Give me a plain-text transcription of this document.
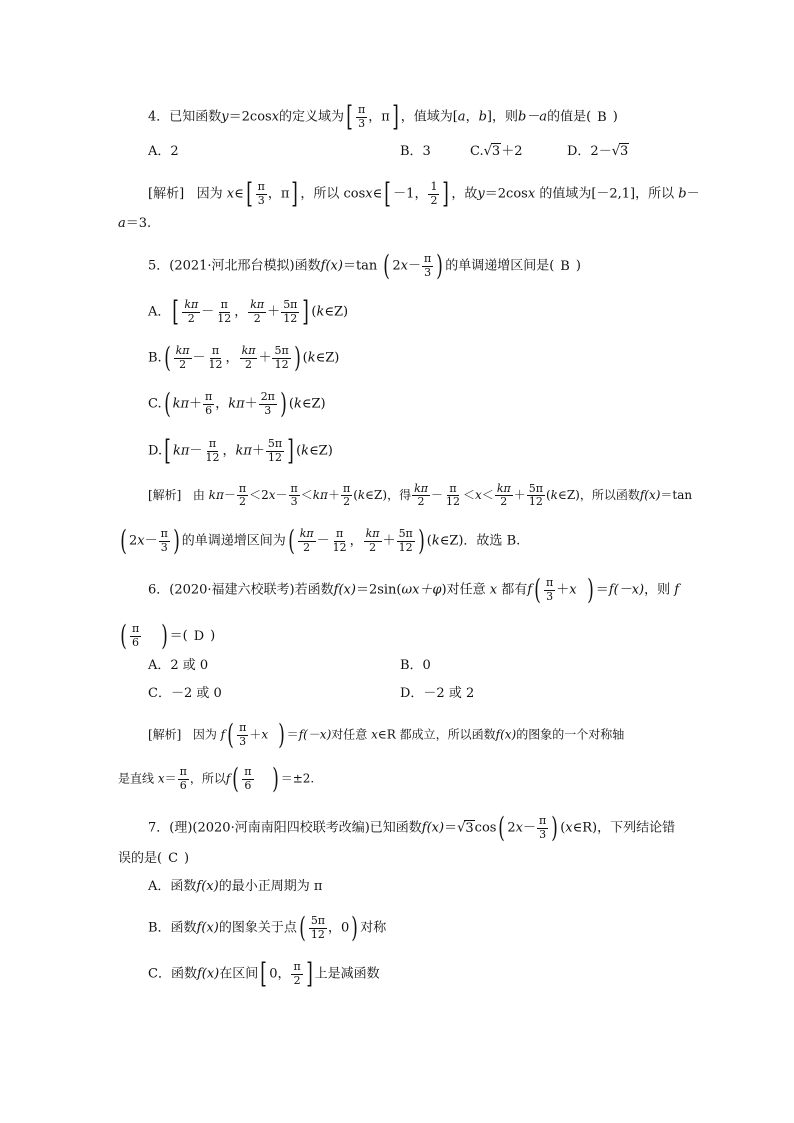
4．已知函数y＝2cosx的定义域为[ $\frac{\pi}{3}$ ，π] ，值域为[a，b]，则b－a的值是( B )
A．2	B．3	C.√3＋2	D．2－√3
[解析] 因为 x∈[ $\frac{\pi}{3}$ ，π] ，所以 cosx∈[ －1， $\frac{1}{2}$ ] ，故y＝2cosx 的值域为[－2,1]，所以 b－
a＝3.
5．(2021·河北邢台模拟)函数f(x)＝tan ( $2x- \frac{\pi}{3}$ ) 的单调递增区间是( B )
A．[ $\frac{k\pi}{2} - \frac{\pi}{12}$ ， $\frac{k\pi}{2} + \frac{5\pi}{12}$ ] (k∈Z)
$B.( \frac{k\pi}{2} - \frac{\pi}{12}$ ， $\frac{k\pi}{2} + \frac{5\pi}{12}$ ) (k∈Z)
C.( $k\pi+ \frac{\pi}{6}$ ，$k\pi+ \frac{2\pi}{3}$ ) (k∈Z)
D.[ $k\pi- \frac{\pi}{12}$ ，$k\pi+ \frac{5\pi}{12}$ ] (k∈Z)
[解析] 由 $k\pi- \frac{\pi}{2} <2x- \frac{\pi}{3} <k\pi+ \frac{\pi}{2}$ (k∈Z)，得 $\frac{k\pi}{2} - \frac{\pi}{12} <x< \frac{k\pi}{2} + \frac{5\pi}{12}$ (k∈Z)，所以函数f(x)＝tan
( $2x- \frac{\pi}{3}$ ) 的单调递增区间为( $\frac{k\pi}{2} - \frac{\pi}{12}$ ， $\frac{k\pi}{2} + \frac{5\pi}{12}$ ) (k∈Z)．故选 B.
6．(2020·福建六校联考)若函数f(x)＝2sin(ωx＋φ)对任意 x 都有$f( \frac{\pi}{3} +x$ ) ＝f(－x)，则 f
( $\frac{\pi}{6}$ ) ＝( D )
A．2 或 0	B．0
C．－2 或 0	D．－2 或 2
[解析] 因为 $f( \frac{\pi}{3} +x$ ) ＝f(－x)对任意 x∈R 都成立，所以函数f(x)的图象的一个对称轴
是直线 $x= \frac{\pi}{6}$ ，所以$f( \frac{\pi}{6}$ ) ＝±2.
7．(理)(2020·河南南阳四校联考改编)已知函数f(x)＝√3cos( $2x- \frac{\pi}{3}$ ) (x∈R)，下列结论错
误的是( C )
A．函数f(x)的最小正周期为 π
B．函数f(x)的图象关于点( $\frac{5\pi}{12}$ ，0) 对称
C．函数f(x)在区间[ 0， $\frac{\pi}{2}$ ] 上是减函数
